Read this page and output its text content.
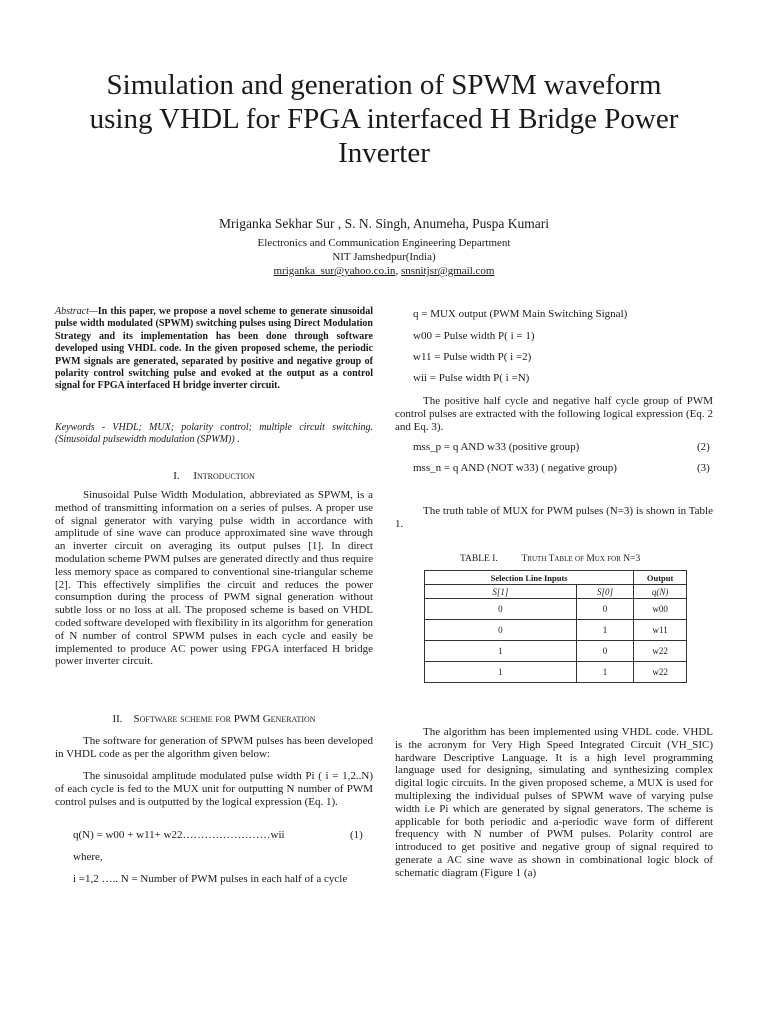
Simulation and generation of SPWM waveform
using VHDL for FPGA interfaced H Bridge Power
Inverter
Mriganka Sekhar Sur , S. N. Singh, Anumeha, Puspa Kumari
Electronics and Communication Engineering Department
NIT Jamshedpur(India)
mriganka_sur@yahoo.co.in, snsnitjsr@gmail.com
Abstract—In this paper, we propose a novel scheme to generate sinusoidal pulse width modulated (SPWM) switching pulses using Direct Modulation Strategy and its implementation has been done through software developed using VHDL code. In the given proposed scheme, the periodic PWM signals are generated, separated by positive and negative group of polarity control switching pulse and evoked at the output as a control signal for FPGA interfaced H bridge inverter circuit.
Keywords - VHDL; MUX; polarity control; multiple circuit switching. (Sinusoidal pulsewidth modulation (SPWM)) .
I. Introduction

Sinusoidal Pulse Width Modulation, abbreviated as SPWM, is a method of transmitting information on a series of pulses. A proper use of signal generator with varying pulse width in accordance with amplitude of sine wave can produce approximated sine wave through an inverter circuit on averaging its output pulses [1]. In direct modulation scheme PWM pulses are generated directly and thus require less memory space as compared to conventional sine-triangular scheme [2]. This effectively simplifies the circuit and reduces the power consumption during the process of PWM signal generation without subtle loss or no loss at all. The proposed scheme is based on VHDL coded software developed with flexibility in its algorithm for generation of N number of control SPWM pulses in each cycle and easily be implemented to produce AC power using FPGA interfaced H bridge power inverter circuit.

II. Software scheme for PWM Generation

The software for generation of SPWM pulses has been developed in VHDL code as per the algorithm given below:

The sinusoidal amplitude modulated pulse width Pi ( i = 1,2..N) of each cycle is fed to the MUX unit for outputting N number of PWM control pulses and is outputted by the logical expression (Eq. 1).

q(N) = w00 + w11+ w22……………………wii	(1)

where,

i =1,2 ….. N = Number of PWM pulses in each half of a cycle

q = MUX output (PWM Main Switching Signal)

w00 = Pulse width P( i = 1)

w11 = Pulse width P( i =2)

wii = Pulse width P( i =N)

The positive half cycle and negative half cycle group of PWM control pulses are extracted with the following logical expression (Eq. 2 and Eq. 3).

mss_p = q AND w33 (positive group)	(2)
mss_n = q AND (NOT w33) ( negative group)	(3)

The truth table of MUX for PWM pulses (N=3) is shown in Table 1.

TABLE I.	Truth Table of Mux for N=3
Selection Line Inputs		Output
S[1]	S[0]	q(N)
0	0	w00
0	1	w11
1	0	w22
1	1	w22

The algorithm has been implemented using VHDL code. VHDL is the acronym for Very High Speed Integrated Circuit (VH_SIC) hardware Descriptive Language. It is a high level programming language used for designing, simulating and synthesizing complex digital logic circuits. In the given proposed scheme, a MUX is used for multiplexing the individual pulses of SPWM wave of varying pulse width i.e Pi which are generated by signal generators. The scheme is applicable for both periodic and a-periodic wave form of different frequency with N number of PWM pulses. Polarity control are introduced to get positive and negative group of signal required to generate a AC sine wave as shown in combinational logic block of schematic diagram (Figure 1 (a)
